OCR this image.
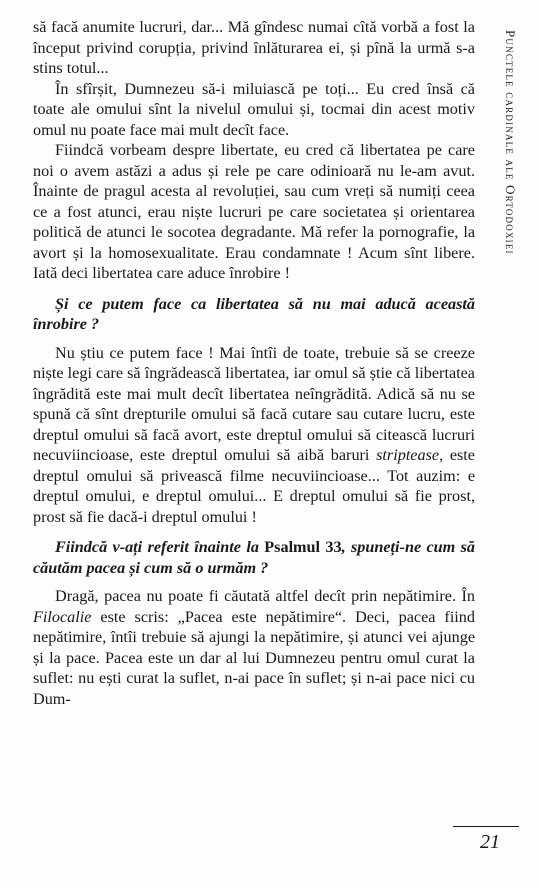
să facă anumite lucruri, dar... Mă gîndesc numai cîtă vorbă a fost la început privind corupția, privind înlăturarea ei, și pînă la urmă s-a stins totul...

În sfîrșit, Dumnezeu să-i miluiască pe toți... Eu cred însă că toate ale omului sînt la nivelul omului și, tocmai din acest motiv omul nu poate face mai mult decît face.

Fiindcă vorbeam despre libertate, eu cred că libertatea pe care noi o avem astăzi a adus și rele pe care odinioară nu le-am avut. Înainte de pragul acesta al revoluției, sau cum vreți să numiți ceea ce a fost atunci, erau niște lucruri pe care societatea și orientarea politică de atunci le socotea degradante. Mă refer la pornografie, la avort și la homosexualitate. Erau condamnate ! Acum sînt libere. Iată deci libertatea care aduce înrobire !

Și ce putem face ca libertatea să nu mai aducă această înrobire ?

Nu știu ce putem face ! Mai întîi de toate, trebuie să se creeze niște legi care să îngrădească libertatea, iar omul să știe că libertatea îngrădită este mai mult decît libertatea neîngrădită. Adică să nu se spună că sînt drepturile omului să facă cutare sau cutare lucru, este dreptul omului să facă avort, este dreptul omului să citească lucruri necuviincioase, este dreptul omului să aibă baruri striptease, este dreptul omului să privească filme necuviincioase... Tot auzim: e dreptul omului, e dreptul omului... E dreptul omului să fie prost, prost să fie dacă-i dreptul omului !

Fiindcă v-ați referit înainte la Psalmul 33, spuneți-ne cum să căutăm pacea și cum să o urmăm ?

Dragă, pacea nu poate fi căutată altfel decît prin nepătimire. În Filocalie este scris: „Pacea este nepătimire“. Deci, pacea fiind nepătimire, întîi trebuie să ajungi la nepătimire, și atunci vei ajunge și la pace. Pacea este un dar al lui Dumnezeu pentru omul curat la suflet: nu ești curat la suflet, n-ai pace în suflet; și n-ai pace nici cu Dum-

Punctele cardinale ale Ortodoxiei
21
